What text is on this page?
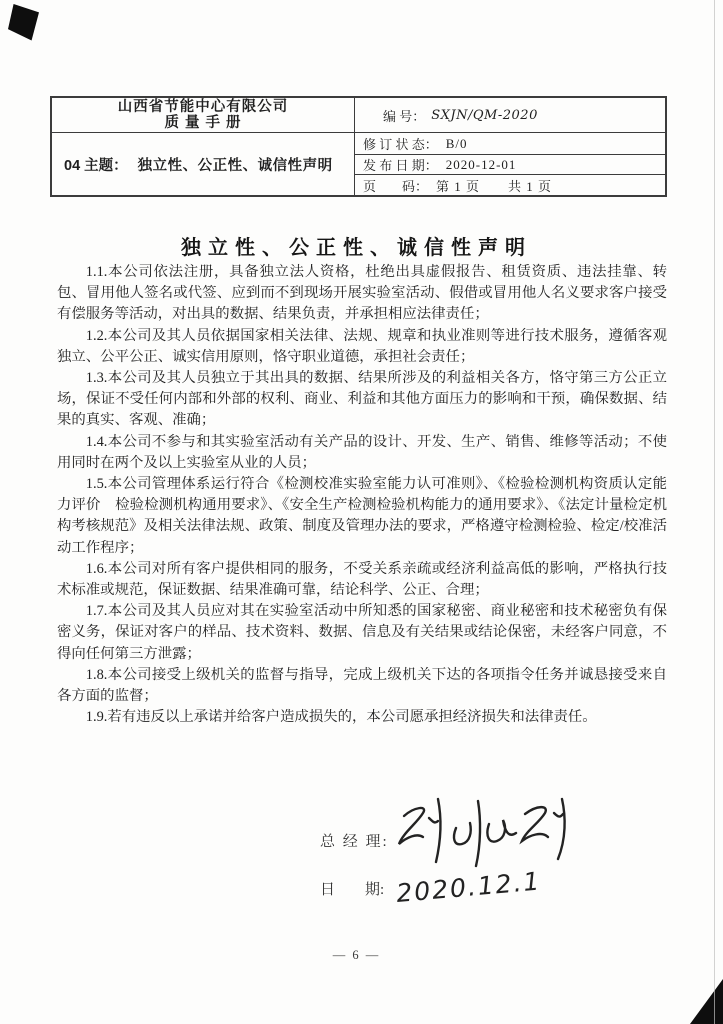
山西省节能中心有限公司
质 量 手 册	编 号： SXJN/QM-2020
04 主题： 独立性、公正性、诚信性声明
修 订 状 态： B/0
发 布 日 期： 2020-12-01
页　　码： 第 1 页　　共 1 页
独立性、公正性、诚信性声明

1.1.本公司依法注册，具备独立法人资格，杜绝出具虚假报告、租赁资质、违法挂靠、转包、冒用他人签名或代签、应到而不到现场开展实验室活动、假借或冒用他人名义要求客户接受有偿服务等活动，对出具的数据、结果负责，并承担相应法律责任；

1.2.本公司及其人员依据国家相关法律、法规、规章和执业准则等进行技术服务，遵循客观独立、公平公正、诚实信用原则，恪守职业道德，承担社会责任；

1.3.本公司及其人员独立于其出具的数据、结果所涉及的利益相关各方，恪守第三方公正立场，保证不受任何内部和外部的权利、商业、利益和其他方面压力的影响和干预，确保数据、结果的真实、客观、准确；

1.4.本公司不参与和其实验室活动有关产品的设计、开发、生产、销售、维修等活动；不使用同时在两个及以上实验室从业的人员；

1.5.本公司管理体系运行符合《检测校准实验室能力认可准则》、《检验检测机构资质认定能力评价　检验检测机构通用要求》、《安全生产检测检验机构能力的通用要求》、《法定计量检定机构考核规范》及相关法律法规、政策、制度及管理办法的要求，严格遵守检测检验、检定/校准活动工作程序；

1.6.本公司对所有客户提供相同的服务，不受关系亲疏或经济利益高低的影响，严格执行技术标准或规范，保证数据、结果准确可靠，结论科学、公正、合理；

1.7.本公司及其人员应对其在实验室活动中所知悉的国家秘密、商业秘密和技术秘密负有保密义务，保证对客户的样品、技术资料、数据、信息及有关结果或结论保密，未经客户同意，不得向任何第三方泄露；

1.8.本公司接受上级机关的监督与指导，完成上级机关下达的各项指令任务并诚恳接受来自各方面的监督；

1.9.若有违反以上承诺并给客户造成损失的，本公司愿承担经济损失和法律责任。

总 经 理:
日　　期: 2020.12.1
— 6 —
